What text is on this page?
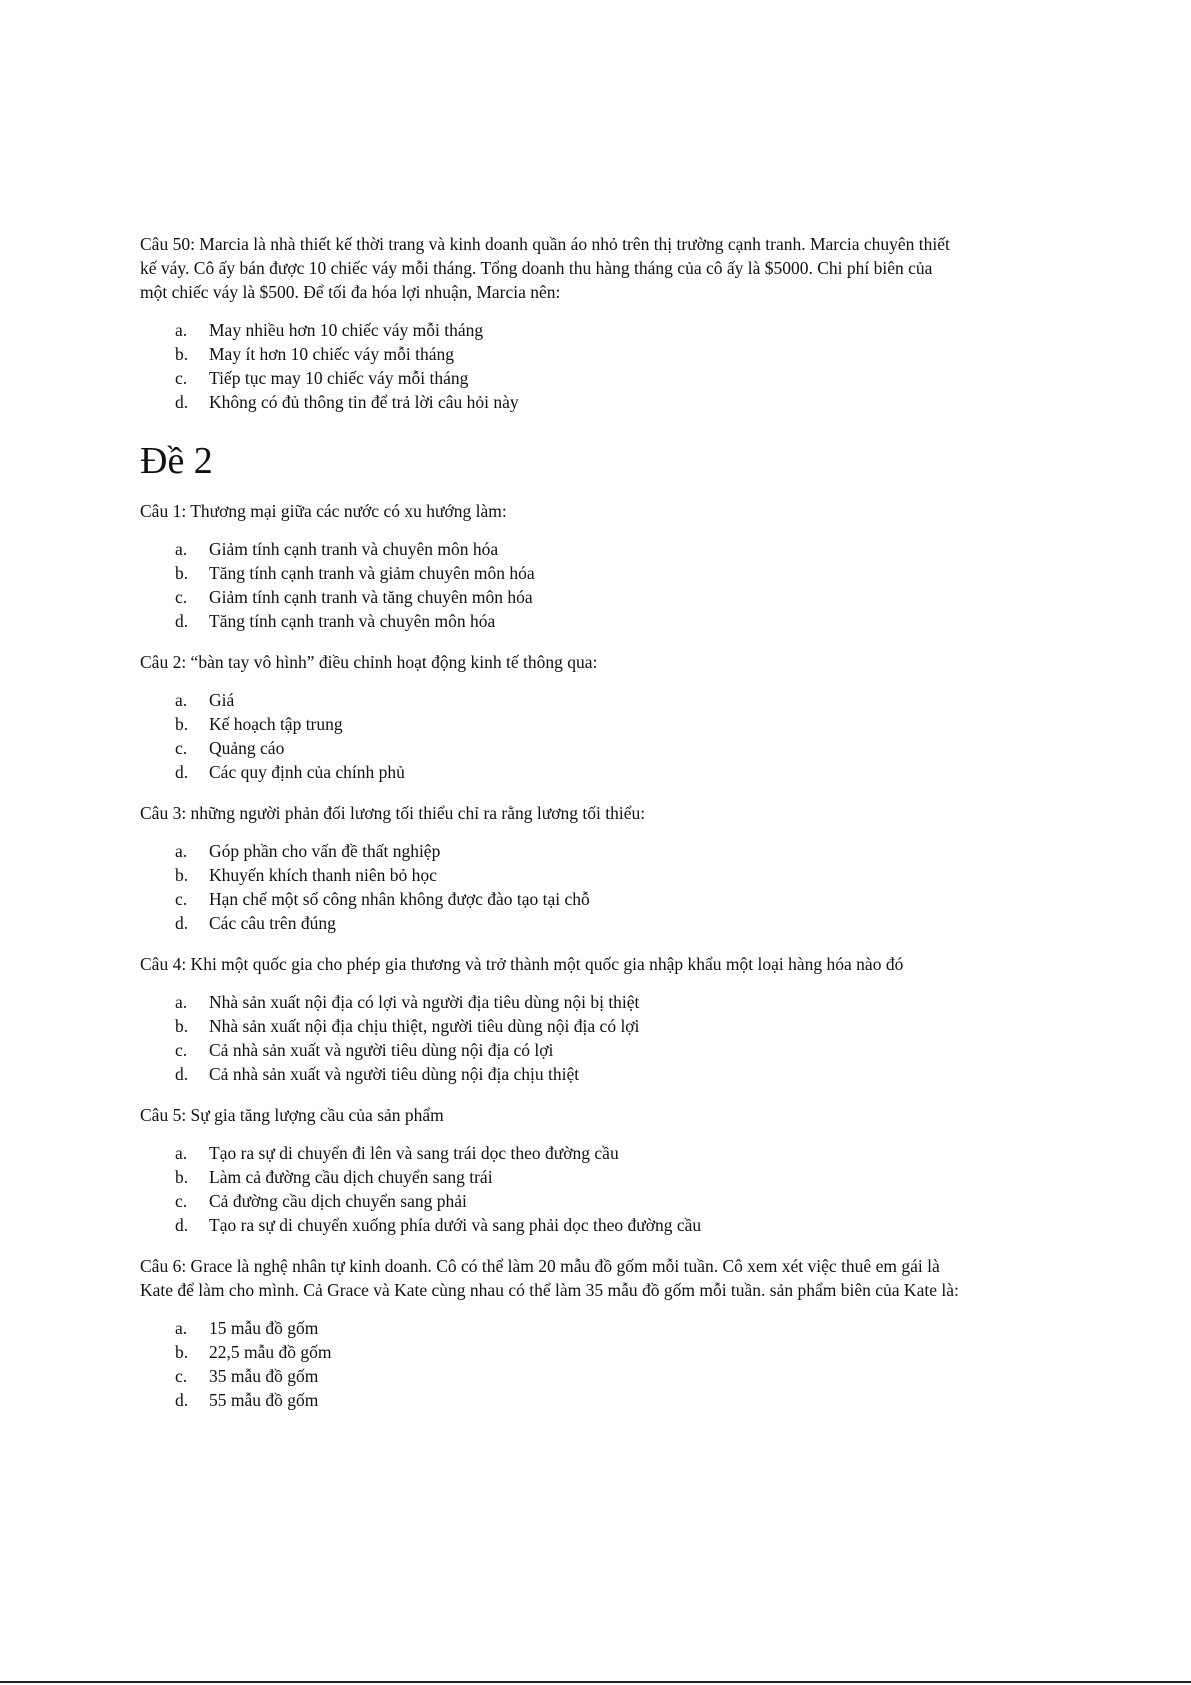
Câu 50: Marcia là nhà thiết kế thời trang và kinh doanh quần áo nhỏ trên thị trường cạnh tranh. Marcia chuyên thiết kế váy. Cô ấy bán được 10 chiếc váy mỗi tháng. Tổng doanh thu hàng tháng của cô ấy là $5000. Chi phí biên của một chiếc váy là $500. Để tối đa hóa lợi nhuận, Marcia nên:

a.	May nhiều hơn 10 chiếc váy mỗi tháng
b.	May ít hơn 10 chiếc váy mỗi tháng
c.	Tiếp tục may 10 chiếc váy mỗi tháng
d.	Không có đủ thông tin để trả lời câu hỏi này
Đề 2

Câu 1: Thương mại giữa các nước có xu hướng làm:

a.	Giảm tính cạnh tranh và chuyên môn hóa
b.	Tăng tính cạnh tranh và giảm chuyên môn hóa
c.	Giảm tính cạnh tranh và tăng chuyên môn hóa
d.	Tăng tính cạnh tranh và chuyên môn hóa

Câu 2: “bàn tay vô hình” điều chỉnh hoạt động kinh tế thông qua:

a.	Giá
b.	Kế hoạch tập trung
c.	Quảng cáo
d.	Các quy định của chính phủ

Câu 3: những người phản đối lương tối thiểu chỉ ra rằng lương tối thiểu:

a.	Góp phần cho vấn đề thất nghiệp
b.	Khuyến khích thanh niên bỏ học
c.	Hạn chế một số công nhân không được đào tạo tại chỗ
d.	Các câu trên đúng

Câu 4: Khi một quốc gia cho phép gia thương và trở thành một quốc gia nhập khẩu một loại hàng hóa nào đó

a.	Nhà sản xuất nội địa có lợi và người địa tiêu dùng nội bị thiệt
b.	Nhà sản xuất nội địa chịu thiệt, người tiêu dùng nội địa có lợi
c.	Cả nhà sản xuất và người tiêu dùng nội địa có lợi
d.	Cả nhà sản xuất và người tiêu dùng nội địa chịu thiệt

Câu 5: Sự gia tăng lượng cầu của sản phẩm

a.	Tạo ra sự di chuyển đi lên và sang trái dọc theo đường cầu
b.	Làm cả đường cầu dịch chuyển sang trái
c.	Cả đường cầu dịch chuyển sang phải
d.	Tạo ra sự di chuyển xuống phía dưới và sang phải dọc theo đường cầu

Câu 6: Grace là nghệ nhân tự kinh doanh. Cô có thể làm 20 mẫu đồ gốm mỗi tuần. Cô xem xét việc thuê em gái là Kate để làm cho mình. Cả Grace và Kate cùng nhau có thể làm 35 mẫu đồ gốm mỗi tuần. sản phẩm biên của Kate là:

a.	15 mẫu đồ gốm
b.	22,5 mẫu đồ gốm
c.	35 mẫu đồ gốm
d.	55 mẫu đồ gốm
